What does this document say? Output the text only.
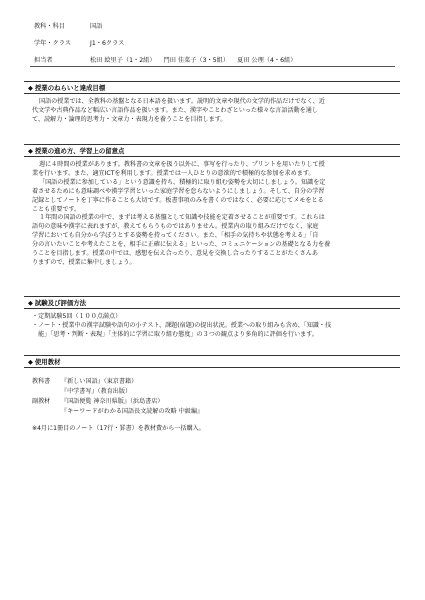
教科・科目	国語
学年・クラス	J1・6クラス
担当者	松田 絵里子（1・2組） 門田 佳菜子（3・5組） 夏田 公理（4・6組）
◆ 授業のねらいと達成目標
国語の授業では、全教科の基盤となる日本語を扱います。説明的文章や現代の文学的作品だけでなく、近
代文学や古典作品など幅広い言語作品を扱います。また、漢字やことわざといった様々な言語活動を通し
て、読解力・論理的思考力・文章力・表現力を養うことを目指します。
◆ 授業の進め方、学習上の留意点
週に４時間の授業があります。教科書の文章を扱う以外に、事写を行ったり、プリントを用いたりして授
業を行います。また、適宜ICTを利用します。授業では一人ひとりの意欲的で積極的な参加を求めます。
「国語の授業に参加している」という意識を持ち、積極的に取り組む姿勢を大切にしましょう。知識を定
着させるためにも意味調べや漢字学習といった家庭学習を怠らないようにしましょう。そして、自分の学習
記録としてノートを丁寧に作ることも大切です。板書事項のみを書くのではなく、必要に応じてメモをとる
ことも重要です。
１年間の国語の授業の中で、まずは考える基盤として知識や技能を定着させることが重要です。これらは
語句の意味や漢字に表れますが、教えてもらうものではありません。授業内の取り組みだけでなく、家庭
学習においても自分から学ぼうとする姿勢を持ってください。また、「相手の気持ちや状態を考える」「自
分の言いたいことや考えたことを、相手に正確に伝える」といった、コミュニケーションの基礎となる力を養
うことを目指します。授業の中では、感想を伝え合ったり、意見を交換し合ったりすることがたくさんあ
りますので、授業に集中しましょう。
◆ 試験及び評価方法
・定期試験5回（１００点満点）
・ノート・授業中の漢字試験や語句の小テスト、課題(宿題)の提出状況。授業への取り組みも含め、「知識・技
　能」「思考・判断・表現」「主体的に学習に取り組む態度」の３つの観点より多角的に評価を行います。
◆ 使用教材
教科書 『新しい国語』（東京書籍）
『中学書写』（教育出版）
副教材 『国語便覧 神奈川県版』（浜島書店）
『キーワードがわかる国語長文読解の攻略 中級編』
※4月に1冊目のノート（17行・罫書）を教材費から一括購入。
